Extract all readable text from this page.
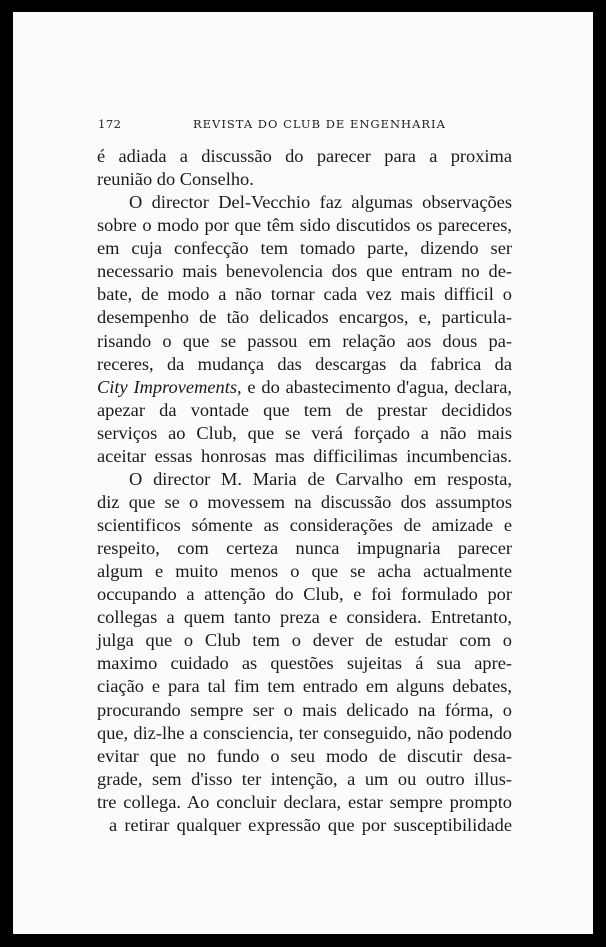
172	REVISTA DO CLUB DE ENGENHARIA
é adiada a discussão do parecer para a proxima
reunião do Conselho.
O director Del-Vecchio faz algumas observações
sobre o modo por que têm sido discutidos os pareceres,
em cuja confecção tem tomado parte, dizendo ser
necessario mais benevolencia dos que entram no de-
bate, de modo a não tornar cada vez mais difficil o
desempenho de tão delicados encargos, e, particula-
risando o que se passou em relação aos dous pa-
receres, da mudança das descargas da fabrica da
City Improvements, e do abastecimento d'agua, declara,
apezar da vontade que tem de prestar decididos
serviços ao Club, que se verá forçado a não mais
aceitar essas honrosas mas difficilimas incumbencias.
O director M. Maria de Carvalho em resposta,
diz que se o movessem na discussão dos assumptos
scientificos sómente as considerações de amizade e
respeito, com certeza nunca impugnaria parecer
algum e muito menos o que se acha actualmente
occupando a attenção do Club, e foi formulado por
collegas a quem tanto preza e considera. Entretanto,
julga que o Club tem o dever de estudar com o
maximo cuidado as questões sujeitas á sua apre-
ciação e para tal fim tem entrado em alguns debates,
procurando sempre ser o mais delicado na fórma, o
que, diz-lhe a consciencia, ter conseguido, não podendo
evitar que no fundo o seu modo de discutir desa-
grade, sem d'isso ter intenção, a um ou outro illus-
tre collega. Ao concluir declara, estar sempre prompto
a retirar qualquer expressão que por susceptibilidade
